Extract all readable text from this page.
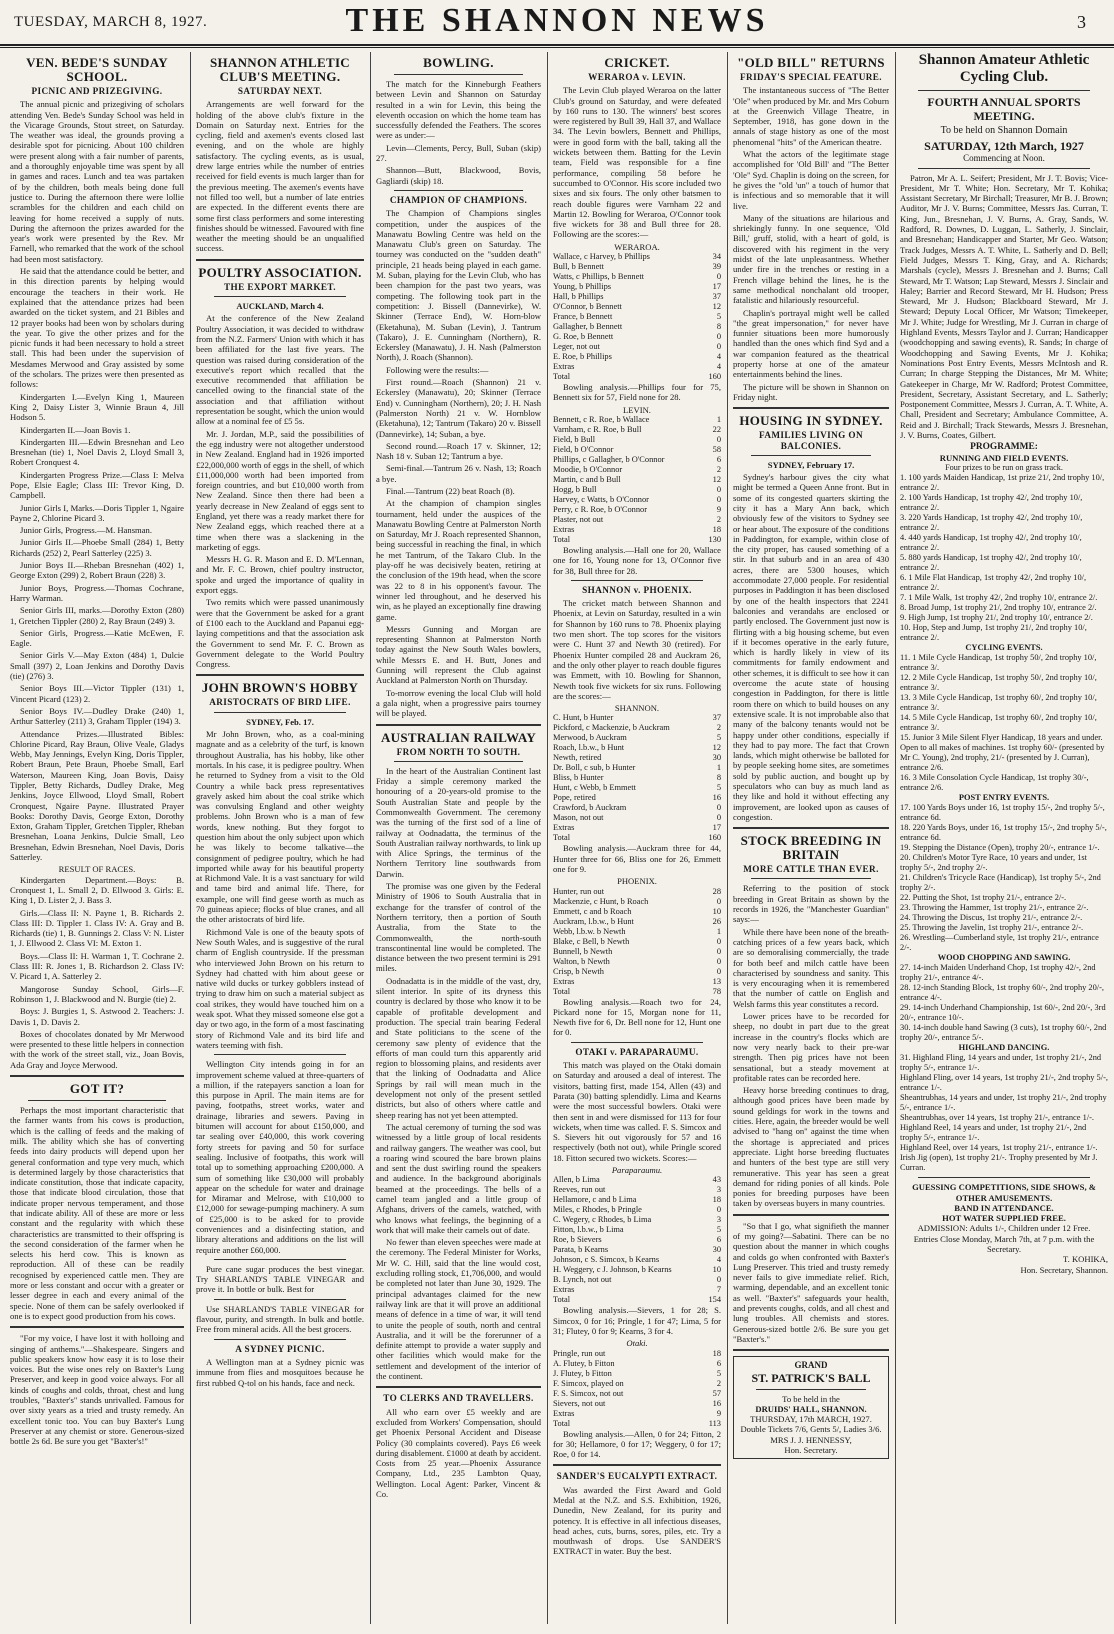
TUESDAY, MARCH 8, 1927.	THE SHANNON NEWS	3
VEN. BEDE'S SUNDAY SCHOOL.
PICNIC AND PRIZEGIVING.

The annual picnic and prizegiving of scholars attending Ven. Bede's Sunday School was held in the Vicarage Grounds, Stout street, on Saturday. The weather was ideal, the grounds proving a desirable spot for picnicing. About 100 children were present along with a fair number of parents, and a thoroughly enjoyable time was spent by all in games and races. Lunch and tea was partaken of by the children, both meals being done full justice to. During the afternoon there were lollie scrambles for the children and each child on leaving for home received a supply of nuts. During the afternoon the prizes awarded for the year's work were presented by the Rev. Mr Farnell, who remarked that the work of the school had been most satisfactory.

He said that the attendance could be better, and in this direction parents by helping would encourage the teachers in their work. He explained that the attendance prizes had been awarded on the ticket system, and 21 Bibles and 12 prayer books had been won by scholars during the year. To give the other prizes and for the picnic funds it had been necessary to hold a street stall. This had been under the supervision of Mesdames Merwood and Gray assisted by some of the scholars. The prizes were then presented as follows:

Kindergarten I.—Evelyn King 1, Maureen King 2, Daisy Lister 3, Winnie Braun 4, Jill Hodson 5.

Kindergarten II.—Joan Bovis 1.

Kindergarten III.—Edwin Bresnehan and Leo Bresnehan (tie) 1, Noel Davis 2, Lloyd Small 3, Robert Cronquest 4.

Kindergarten Progress Prize.—Class I: Melva Pope, Elsie Eagle; Class III: Trevor King, D. Campbell.

Junior Girls I, Marks.—Doris Tippler 1, Ngaire Payne 2, Chlorine Picard 3.

Junior Girls, Progress.—M. Hansman.

Junior Girls II.—Phoebe Small (284) 1, Betty Richards (252) 2, Pearl Satterley (225) 3.

Junior Boys II.—Rheban Bresnehan (402) 1, George Exton (299) 2, Robert Braun (228) 3.

Junior Boys, Progress.—Thomas Cochrane, Harry Warman.

Senior Girls III, marks.—Dorothy Exton (280) 1, Gretchen Tippler (280) 2, Ray Braun (249) 3.

Senior Girls, Progress.—Katie McEwen, F. Eagle.

Senior Girls V.—May Exton (484) 1, Dulcie Small (397) 2, Loan Jenkins and Dorothy Davis (tie) (276) 3.

Senior Boys III.—Victor Tippler (131) 1, Vincent Picard (123) 2.

Senior Boys IV.—Dudley Drake (240) 1, Arthur Satterley (211) 3, Graham Tippler (194) 3.

Attendance Prizes.—Illustrated Bibles: Chlorine Picard, Ray Braun, Olive Veale, Gladys Webb, May Jennings, Evelyn King, Doris Tippler, Robert Braun, Pete Braun, Phoebe Small, Earl Waterson, Maureen King, Joan Bovis, Daisy Tippler, Betty Richards, Dudley Drake, Meg Jenkins, Joyce Ellwood, Lloyd Small, Robert Cronquest, Ngaire Payne. Illustrated Prayer Books: Dorothy Davis, George Exton, Dorothy Exton, Graham Tippler, Gretchen Tippler, Rheban Bresnehan, Loana Jenkins, Dulcie Small, Leo Bresnehan, Edwin Bresnehan, Noel Davis, Doris Satterley.

RESULT OF RACES.

Kindergarten Department.—Boys: B. Cronquest 1, L. Small 2, D. Ellwood 3. Girls: E. King 1, D. Lister 2, J. Bass 3.

Girls.—Class II: N. Payne 1, B. Richards 2. Class III: D. Tippler 1. Class IV: A. Gray and B. Richards (tie) 1, B. Gunnings 2. Class V: N. Lister 1, J. Ellwood 2. Class VI: M. Exton 1.

Boys.—Class II: H. Warman 1, T. Cochrane 2. Class III: R. Jones 1, B. Richardson 2. Class IV: V. Picard 1, A. Satterley 2.

Mangorose Sunday School, Girls—F. Robinson 1, J. Blackwood and N. Burgie (tie) 2.

Boys: J. Burgies 1, S. Astwood 2. Teachers: J. Davis 1, D. Davis 2.

Boxes of chocolates donated by Mr Merwood were presented to these little helpers in connection with the work of the street stall, viz., Joan Bovis, Ada Gray and Joyce Merwood.

GOT IT?

Perhaps the most important characteristic that the farmer wants from his cows is production, which is the calling of feeds and the making of milk. The ability which she has of converting feeds into dairy products will depend upon her general conformation and type very much, which is determined largely by those characteristics that indicate constitution, those that indicate capacity, those that indicate blood circulation, those that indicate proper nervous temperament, and those that indicate ability. All of these are more or less constant and the regularity with which these characteristics are transmitted to their offspring is the second consideration of the farmer when he selects his herd cow. This is known as reproduction. All of these can be readily recognised by experienced cattle men. They are more or less constant and occur with a greater or lesser degree in each and every animal of the specie. None of them can be safely overlooked if one is to expect good production from his cows.

"For my voice, I have lost it with holloing and singing of anthems."—Shakespeare. Singers and public speakers know how easy it is to lose their voices. But the wise ones rely on Baxter's Lung Preserver, and keep in good voice always. For all kinds of coughs and colds, throat, chest and lung troubles, "Baxter's" stands unrivalled. Famous for over sixty years as a tried and trusty remedy. An excellent tonic too. You can buy Baxter's Lung Preserver at any chemist or store. Generous-sized bottle 2s 6d. Be sure you get "Baxter's!"

SHANNON ATHLETIC CLUB'S MEETING.
SATURDAY NEXT.

Arrangements are well forward for the holding of the above club's fixture in the Domain on Saturday next. Entries for the cycling, field and axemen's events closed last evening, and on the whole are highly satisfactory. The cycling events, as is usual, drew large entries while the number of entries received for field events is much larger than for the previous meeting. The axemen's events have not filled too well, but a number of late entries are expected. In the different events there are some first class performers and some interesting finishes should be witnessed. Favoured with fine weather the meeting should be an unqualified success.

POULTRY ASSOCIATION.
THE EXPORT MARKET.
AUCKLAND, March 4.

At the conference of the New Zealand Poultry Association, it was decided to withdraw from the N.Z. Farmers' Union with which it has been affiliated for the last five years. The question was raised during consideration of the executive's report which recalled that the executive recommended that affiliation be cancelled owing to the financial state of the association and that affiliation without representation be sought, which the union would allow at a nominal fee of £5 5s.

Mr. J. Jordan, M.P., said the possibilities of the egg industry were not altogether understood in New Zealand. England had in 1926 imported £22,000,000 worth of eggs in the shell, of which £11,000,000 worth had been imported from foreign countries, and but £10,000 worth from New Zealand. Since then there had been a yearly decrease in New Zealand of eggs sent to England, yet there was a ready market there for New Zealand eggs, which reached there at a time when there was a slackening in the marketing of eggs.

Messrs H. G. R. Mason and E. D. M'Lennan, and Mr. F. C. Brown, chief poultry instructor, spoke and urged the importance of quality in export eggs.

Two remits which were passed unanimously were that the Government be asked for a grant of £100 each to the Auckland and Papanui egg-laying competitions and that the association ask the Government to send Mr. F. C. Brown as Government delegate to the World Poultry Congress.

JOHN BROWN'S HOBBY
ARISTOCRATS OF BIRD LIFE.
SYDNEY, Feb. 17.

Mr John Brown, who, as a coal-mining magnate and as a celebrity of the turf, is known throughout Australia, has his hobby, like other mortals. In his case, it is pedigree poultry. When he returned to Sydney from a visit to the Old Country a while back press representatives gravely asked him about the coal strike which was convulsing England and other weighty problems. John Brown who is a man of few words, knew nothing. But they forgot to question him about the only subject upon which he was likely to become talkative—the consignment of pedigree poultry, which he had imported while away for his beautiful property at Richmond Vale. It is a vast sanctuary for wild and tame bird and animal life. There, for example, one will find geese worth as much as 70 guineas apiece; flocks of blue cranes, and all the other aristocrats of bird life.

Richmond Vale is one of the beauty spots of New South Wales, and is suggestive of the rural charm of English countryside. If the pressman who interviewed John Brown on his return to Sydney had chatted with him about geese or native wild ducks or turkey gobblers instead of trying to draw him on such a material subject as coal strikes, they would have touched him on a weak spot. What they missed someone else got a day or two ago, in the form of a most fascinating story of Richmond Vale and its bird life and waters teeming with fish.

Wellington City intends going in for an improvement scheme valued at three-quarters of a million, if the ratepayers sanction a loan for this purpose in April. The main items are for paving, footpaths, street works, water and drainage, libraries and sewers. Paving in bitumen will account for about £150,000, and tar sealing over £40,000, this work covering forty streets for paving and 50 for surface sealing. Inclusive of footpaths, this work will total up to something approaching £200,000. A sum of something like £30,000 will probably appear on the schedule for water and drainage for Miramar and Melrose, with £10,000 to £12,000 for sewage-pumping machinery. A sum of £25,000 is to be asked for to provide conveniences and a disinfecting station, and library alterations and additions on the list will require another £60,000.

Pure cane sugar produces the best vinegar. Try SHARLAND'S TABLE VINEGAR and prove it. In bottle or bulk. Best for

Use SHARLAND'S TABLE VINEGAR for flavour, purity, and strength. In bulk and bottle. Free from mineral acids. All the best grocers.

A SYDNEY PICNIC.

A Wellington man at a Sydney picnic was immune from flies and mosquitoes because he first rubbed Q-tol on his hands, face and neck.

BOWLING.

The match for the Kinneburgh Feathers between Levin and Shannon on Saturday resulted in a win for Levin, this being the eleventh occasion on which the home team has successfully defended the Feathers. The scores were as under:—

Levin—Clements, Percy, Bull, Suban (skip) 27.

Shannon—Butt, Blackwood, Bovis, Gagliardi (skip) 18.

CHAMPION OF CHAMPIONS.

The Champion of Champions singles competition, under the auspices of the Manawatu Bowling Centre was held on the Manawatu Club's green on Saturday. The tourney was conducted on the "sudden death" principle, 21 heads being played in each game. M. Suban, playing for the Levin Club, who has been champion for the past two years, was competing. The following took part in the competition: J. Bissell (Dannevirke), W. Skinner (Terrace End), W. Horn-blow (Eketahuna), M. Suban (Levin), J. Tantrum (Takaro), J. E. Cunningham (Northern), R. Eckersley (Manawatu), J. H. Nash (Palmerston North), J. Roach (Shannon).

Following were the results:—

First round.—Roach (Shannon) 21 v. Eckersley (Manawatu), 20; Skinner (Terrace End) v. Cunningham (Northern), 20; J. H. Nash (Palmerston North) 21 v. W. Hornblow (Eketahuna), 12; Tantrum (Takaro) 20 v. Bissell (Dannevirke), 14; Suban, a bye.

Second round.—Roach 17 v. Skinner, 12; Nash 18 v. Suban 12; Tantrum a bye.

Semi-final.—Tantrum 26 v. Nash, 13; Roach a bye.

Final.—Tantrum (22) beat Roach (8).

At the champion of champion singles tournament, held under the auspices of the Manawatu Bowling Centre at Palmerston North on Saturday, Mr J. Roach represented Shannon, being successful in reaching the final, in which he met Tantrum, of the Takaro Club. In the play-off he was decisively beaten, retiring at the conclusion of the 19th head, when the score was 22 to 8 in his opponent's favour. The winner led throughout, and he deserved his win, as he played an exceptionally fine drawing game.

Messrs Gunning and Morgan are representing Shannon at Palmerston North today against the New South Wales bowlers, while Messrs E. and H. Butt, Jones and Gunning will represent the Club against Auckland at Palmerston North on Thursday.

To-morrow evening the local Club will hold a gala night, when a progressive pairs tourney will be played.

AUSTRALIAN RAILWAY
FROM NORTH TO SOUTH.

In the heart of the Australian Continent last Friday a simple ceremony marked the honouring of a 20-years-old promise to the South Australian State and people by the Commonwealth Government. The ceremony was the turning of the first sod of a line of railway at Oodnadatta, the terminus of the South Australian railway northwards, to link up with Alice Springs, the terminus of the Northern Territory line southwards from Darwin.

The promise was one given by the Federal Ministry of 1906 to South Australia that in exchange for the transfer of control of the Northern territory, then a portion of South Australia, from the State to the Commonwealth, the north-south transcontinental line would be completed. The distance between the two present termini is 291 miles.

Oodnadatta is in the middle of the vast, dry, silent interior. In spite of its dryness this country is declared by those who know it to be capable of profitable development and production. The special train bearing Federal and State politicians to the scene of the ceremony saw plenty of evidence that the efforts of man could turn this apparently arid region to blossoming plains, and residents aver that the linking of Oodnadatta and Alice Springs by rail will mean much in the development not only of the present settled districts, but also of others where cattle and sheep rearing has not yet been attempted.

The actual ceremony of turning the sod was witnessed by a little group of local residents and railway gangers. The weather was cool, but a roaring wind scoured the bare brown plains and sent the dust swirling round the speakers and audience. In the background aboriginals beamed at the proceedings. The bells of a camel team jangled and a little group of Afghans, drivers of the camels, watched, with who knows what feelings, the beginning of a work that will make their camels out of date.

No fewer than eleven speeches were made at the ceremony. The Federal Minister for Works, Mr W. C. Hill, said that the line would cost, excluding rolling stock, £1,706,000, and would be completed not later than June 30, 1929. The principal advantages claimed for the new railway link are that it will prove an additional means of defence in a time of war, it will tend to unite the people of south, north and central Australia, and it will be the forerunner of a definite attempt to provide a water supply and other facilities which would make for the settlement and development of the interior of the continent.

TO CLERKS AND TRAVELLERS.

All who earn over £5 weekly and are excluded from Workers' Compensation, should get Phoenix Personal Accident and Disease Policy (30 complaints covered). Pays £6 week during disablement. £1000 at death by accident. Costs from 25 year.—Phoenix Assurance Company, Ltd., 235 Lambton Quay, Wellington. Local Agent: Parker, Vincent & Co.

CRICKET.
WERAROA v. LEVIN.

The Levin Club played Weraroa on the latter Club's ground on Saturday, and were defeated by 160 runs to 130. The winners' best scores were registered by Bull 39, Hall 37, and Wallace 34. The Levin bowlers, Bennett and Phillips, were in good form with the ball, taking all the wickets between them. Batting for the Levin team, Field was responsible for a fine performance, compiling 58 before he succumbed to O'Connor. His score included two sixes and six fours. The only other batsmen to reach double figures were Varnham 22 and Martin 12. Bowling for Weraroa, O'Connor took five wickets for 38 and Bull three for 28. Following are the scores:—

WERAROA.
Wallace, c Harvey, b Phillips	34
Bull, b Bennett	39
Watts, c Phillips, b Bennett	0
Young, b Phillips	17
Hall, b Phillips	37
O'Connor, b Bennett	12
France, b Bennett	5
Gallagher, b Bennett	8
G. Roe, b Bennett	0
Leger, not out	0
E. Roe, b Phillips	4
Extras	4
Total	160

Bowling analysis.—Phillips four for 75, Bennett six for 57, Field none for 28.

LEVIN.
Bennett, c R. Roe, b Wallace	1
Varnham, c R. Roe, b Bull	22
Field, b Bull	0
Field, b O'Connor	58
Phillips, c Gallagher, b O'Connor	6
Moodie, b O'Connor	2
Martin, c and b Bull	12
Hogg, b Bull	0
Harvey, c Watts, b O'Connor	0
Perry, c R. Roe, b O'Connor	9
Plaster, not out	2
Extras	18
Total	130

Bowling analysis.—Hall one for 20, Wallace one for 16, Young none for 13, O'Connor five for 38, Bull three for 28.

SHANNON v. PHOENIX.

The cricket match between Shannon and Phoenix, at Levin on Saturday, resulted in a win for Shannon by 160 runs to 78. Phoenix playing two men short. The top scores for the visitors were C. Hunt 37 and Newth 30 (retired). For Phoenix Hunter compiled 28 and Auckram 26, and the only other player to reach double figures was Emmett, with 10. Bowling for Shannon, Newth took five wickets for six runs. Following are the scores:—

SHANNON.
C. Hunt, b Hunter	37
Pickford, c Mackenzie, b Auckram	2
Merwood, b Auckram	5
Roach, l.b.w., b Hunt	12
Newth, retired	30
Dr. Boll, c sub, b Hunter	1
Bliss, b Hunter	8
Hunt, c Webb, b Emmett	5
Pope, retired	16
Crawford, b Auckram	0
Mason, not out	0
Extras	17
Total	160

Bowling analysis.—Auckram three for 44, Hunter three for 66, Bliss one for 26, Emmett one for 9.

PHOENIX.
Hunter, run out	28
Mackenzie, c Hunt, b Roach	0
Emmett, c and b Roach	10
Auckram, l.b.w., b Hunt	26
Webb, l.b.w. b Newth	1
Blake, c Bell, b Newth	0
Bunnell, b Newth	0
Walton, b Newth	0
Crisp, b Newth	0
Extras	13
Total	78

Bowling analysis.—Roach two for 24, Pickard none for 15, Morgan none for 11, Newth five for 6, Dr. Bell none for 12, Hunt one for 0.

OTAKI v. PARAPARAUMU.

This match was played on the Otaki domain on Saturday and aroused a deal of interest. The visitors, batting first, made 154, Allen (43) and Parata (30) batting splendidly. Lima and Kearns were the most successful bowlers. Otaki were then sent in and were dismissed for 113 for four wickets, when time was called. F. S. Simcox and S. Sievers hit out vigorously for 57 and 16 respectively (both not out), while Pringle scored 18. Fitton secured two wickets. Scores:—

Paraparaumu.
Allen, b Lima	43
Reeves, run out	3
Hellamore, c and b Lima	18
Miles, c Rhodes, b Pringle	0
C. Wegery, c Rhodes, b Lima	3
Fitton, l.b.w., b Lima	5
Roe, b Sievers	6
Parata, b Kearns	30
Johnson, c S. Simcox, b Kearns	4
H. Weggery, c J. Johnson, b Kearns	10
B. Lynch, not out	0
Extras	7
Total	154

Bowling analysis.—Sievers, 1 for 28; S. Simcox, 0 for 16; Pringle, 1 for 47; Lima, 5 for 31; Flutey, 0 for 9; Kearns, 3 for 4.

Otaki.
Pringle, run out	18
A. Flutey, b Fitton	6
J. Flutey, b Fitton	5
F. Simcox, played on	2
F. S. Simcox, not out	57
Sievers, not out	16
Extras	9
Total	113

Bowling analysis.—Allen, 0 for 24; Fitton, 2 for 30; Hellamore, 0 for 17; Weggery, 0 for 17; Roe, 0 for 14.

SANDER'S EUCALYPTI EXTRACT.

Was awarded the First Award and Gold Medal at the N.Z. and S.S. Exhibition, 1926, Dunedin, New Zealand, for its purity and potency. It is effective in all infectious diseases, head aches, cuts, burns, sores, piles, etc. Try a mouthwash of drops. Use SANDER'S EXTRACT in water. Buy the best.

"OLD BILL" RETURNS
FRIDAY'S SPECIAL FEATURE.

The instantaneous success of "The Better 'Ole" when produced by Mr. and Mrs Coburn at the Greenwich Village Theatre, in September, 1918, has gone down in the annals of stage history as one of the most phenomenal "hits" of the American theatre.

What the actors of the legitimate stage accomplished for 'Old Bill' and "The Better 'Ole" Syd. Chaplin is doing on the screen, for he gives the "old 'un" a touch of humor that is infectious and so memorable that it will live.

Many of the situations are hilarious and shriekingly funny. In one sequence, 'Old Bill,' gruff, stolid, with a heart of gold, is discovered with his regiment in the very midst of the late unpleasantness. Whether under fire in the trenches or resting in a French village behind the lines, he is the same methodical nonchalant old trooper, fatalistic and hilariously resourceful.

Chaplin's portrayal might well be called "the great impersonation," for never have funnier situations been more humorously handled than the ones which find Syd and a war companion featured as the theatrical property horse at one of the amateur entertainments behind the lines.

The picture will be shown in Shannon on Friday night.

HOUSING IN SYDNEY.
FAMILIES LIVING ON BALCONIES.
SYDNEY, February 17.

Sydney's harbour gives the city what might be termed a Queen Anne front. But in some of its congested quarters skirting the city it has a Mary Ann back, which obviously few of the visitors to Sydney see or hear about. The exposure of the conditions in Paddington, for example, within close of the city proper, has caused something of a stir. In that suburb and in an area of 430 acres, there are 5300 houses, which accommodate 27,000 people. For residential purposes in Paddington it has been disclosed by one of the health inspectors that 2241 balconies and verandahs are enclosed or partly enclosed. The Government just now is flirting with a big housing scheme, but even if it becomes operative in the early future, which is hardly likely in view of its commitments for family endowment and other schemes, it is difficult to see how it can overcome the acute state of housing congestion in Paddington, for there is little room there on which to build houses on any extensive scale. It is not improbable also that many of the balcony tenants would not be happy under other conditions, especially if they had to pay more. The fact that Crown lands, which might otherwise be balloted for by people seeking home sites, are sometimes sold by public auction, and bought up by speculators who can buy as much land as they like and hold it without effecting any improvement, are looked upon as causes of congestion.

STOCK BREEDING IN BRITAIN
MORE CATTLE THAN EVER.

Referring to the position of stock breeding in Great Britain as shown by the records in 1926, the "Manchester Guardian" says:—

While there have been none of the breath-catching prices of a few years back, which are so demoralising commercially, the trade for both beef and milch cattle have been characterised by soundness and sanity. This is very encouraging when it is remembered that the number of cattle on English and Welsh farms this year constitutes a record.

Lower prices have to be recorded for sheep, no doubt in part due to the great increase in the country's flocks which are now very nearly back to their pre-war strength. Then pig prices have not been sensational, but a steady movement at profitable rates can be recorded here.

Heavy horse breeding continues to drag, although good prices have been made by sound geldings for work in the towns and cities. Here, again, the breeder would be well advised to "hang on" against the time when the shortage is appreciated and prices appreciate. Light horse breeding fluctuates and hunters of the best type are still very remunerative. This year has seen a great demand for riding ponies of all kinds. Pole ponies for breeding purposes have been taken by overseas buyers in many countries.

"So that I go, what signifieth the manner of my going?—Sabatini. There can be no question about the manner in which coughs and colds go when confronted with Baxter's Lung Preserver. This tried and trusty remedy never fails to give immediate relief. Rich, warming, dependable, and an excellent tonic as well. "Baxter's" safeguards your health, and prevents coughs, colds, and all chest and lung troubles. All chemists and stores. Generous-sized bottle 2/6. Be sure you get "Baxter's."

GRAND
ST. PATRICK'S BALL
To be held in the
DRUIDS' HALL, SHANNON.
THURSDAY, 17th MARCH, 1927.
Double Tickets 7/6, Gents 5/, Ladies 3/6.
MRS J. J. HENNESSY,
Hon. Secretary.
Shannon Amateur Athletic
Cycling Club.
FOURTH ANNUAL SPORTS
MEETING.
To be held on Shannon Domain
SATURDAY, 12th March, 1927
Commencing at Noon.

Patron, Mr A. L. Seifert; President, Mr J. T. Bovis; Vice-President, Mr T. White; Hon. Secretary, Mr T. Kohika; Assistant Secretary, Mr Birchall; Treasurer, Mr B. J. Brown; Auditor, Mr J. V. Burns; Committee, Messrs Jas. Curran, T. King, Jun., Bresnehan, J. V. Burns, A. Gray, Sands, W. Radford, R. Downes, D. Luggan, L. Satherly, J. Sinclair, and Bresnehan; Handicapper and Starter, Mr Geo. Watson; Track Judges, Messrs A. T. White, L. Satherly and D. Bell; Field Judges, Messrs T. King, Gray, and A. Richards; Marshals (cycle), Messrs J. Bresnehan and J. Burns; Call Steward, Mr T. Watson; Lap Steward, Messrs J. Sinclair and Haley; Barrier and Record Steward, Mr H. Hudson; Press Steward, Mr J. Hudson; Blackboard Steward, Mr J. Steward; Deputy Local Officer, Mr Watson; Timekeeper, Mr J. White; Judge for Wrestling, Mr J. Curran in charge of Highland Events, Messrs Taylor and J. Curran; Handicapper (woodchopping and sawing events), R. Sands; In charge of Woodchopping and Sawing Events, Mr J. Kohika; Nominations Post Entry Events, Messrs McIntosh and R. Curran; In charge Stepping the Distances, Mr M. White; Gatekeeper in Charge, Mr W. Radford; Protest Committee, President, Secretary, Assistant Secretary, and L. Satherly; Postponement Committee, Messrs J. Curran, A. T. White, A. Chall, President and Secretary; Ambulance Committee, A. Reid and J. Birchall; Track Stewards, Messrs J. Bresnehan, J. V. Burns, Coates, Gilbert.

PROGRAMME:
RUNNING AND FIELD EVENTS.
Four prizes to be run on grass track.
1. 100 yards Maiden Handicap, 1st prize 21/, 2nd trophy 10/, entrance 2/.
2. 100 Yards Handicap, 1st trophy 42/, 2nd trophy 10/, entrance 2/.
3. 220 Yards Handicap, 1st trophy 42/, 2nd trophy 10/, entrance 2/.
4. 440 yards Handicap, 1st trophy 42/, 2nd trophy 10/, entrance 2/.
5. 880 yards Handicap, 1st trophy 42/, 2nd trophy 10/, entrance 2/.
6. 1 Mile Flat Handicap, 1st trophy 42/, 2nd trophy 10/, entrance 2/.
7. 1 Mile Walk, 1st trophy 42/, 2nd trophy 10/, entrance 2/.
8. Broad Jump, 1st trophy 21/, 2nd trophy 10/, entrance 2/.
9. High Jump, 1st trophy 21/, 2nd trophy 10/, entrance 2/.
10. Hop, Step and Jump, 1st trophy 21/, 2nd trophy 10/, entrance 2/.
CYCLING EVENTS.
11. 1 Mile Cycle Handicap, 1st trophy 50/, 2nd trophy 10/, entrance 3/.
12. 2 Mile Cycle Handicap, 1st trophy 50/, 2nd trophy 10/, entrance 3/.
13. 3 Mile Cycle Handicap, 1st trophy 60/, 2nd trophy 10/, entrance 3/.
14. 5 Mile Cycle Handicap, 1st trophy 60/, 2nd trophy 10/, entrance 3/.
15. Junior 3 Mile Silent Flyer Handicap, 18 years and under. Open to all makes of machines. 1st trophy 60/- (presented by Mr C. Young), 2nd trophy, 21/- (presented by J. Curran), entrance 2/6.
16. 3 Mile Consolation Cycle Handicap, 1st trophy 30/-, entrance 2/6.
POST ENTRY EVENTS.
17. 100 Yards Boys under 16, 1st trophy 15/-, 2nd trophy 5/-, entrance 6d.
18. 220 Yards Boys, under 16, 1st trophy 15/-, 2nd trophy 5/-, entrance 6d.
19. Stepping the Distance (Open), trophy 20/-, entrance 1/-.
20. Children's Motor Tyre Race, 10 years and under, 1st trophy 5/-, 2nd trophy 2/-.
21. Children's Tricycle Race (Handicap), 1st trophy 5/-, 2nd trophy 2/-.
22. Putting the Shot, 1st trophy 21/-, entrance 2/-.
23. Throwing the Hammer, 1st trophy 21/-, entrance 2/-.
24. Throwing the Discus, 1st trophy 21/-, entrance 2/-.
25. Throwing the Javelin, 1st trophy 21/-, entrance 2/-.
26. Wrestling—Cumberland style, 1st trophy 21/-, entrance 2/-.
WOOD CHOPPING AND SAWING.
27. 14-inch Maiden Underhand Chop, 1st trophy 42/-, 2nd trophy 21/-, entrance 4/-.
28. 12-inch Standing Block, 1st trophy 60/-, 2nd trophy 20/-, entrance 4/-.
29. 14-inch Underhand Championship, 1st 60/-, 2nd 20/-, 3rd 20/-, entrance 10/-.
30. 14-inch double hand Sawing (3 cuts), 1st trophy 60/-, 2nd trophy 20/-, entrance 5/-.
HIGHLAND DANCING.
31. Highland Fling, 14 years and under, 1st trophy 21/-, 2nd trophy 5/-, entrance 1/-.
Highland Fling, over 14 years, 1st trophy 21/-, 2nd trophy 5/-, entrance 1/-.
Sheantrubhas, 14 years and under, 1st trophy 21/-, 2nd trophy 5/-, entrance 1/-.
Sheantrubhas, over 14 years, 1st trophy 21/-, entrance 1/-.
Highland Reel, 14 years and under, 1st trophy 21/-, 2nd trophy 5/-, entrance 1/-.
Highland Reel, over 14 years, 1st trophy 21/-, entrance 1/-.
Irish Jig (open), 1st trophy 21/-. Trophy presented by Mr J. Curran.
GUESSING COMPETITIONS, SIDE SHOWS, & OTHER AMUSEMENTS.
BAND IN ATTENDANCE.
HOT WATER SUPPLIED FREE.
ADMISSION: Adults 1/-, Children under 12 Free.
Entries Close Monday, March 7th, at 7 p.m. with the Secretary.
T. KOHIKA,
Hon. Secretary, Shannon.
